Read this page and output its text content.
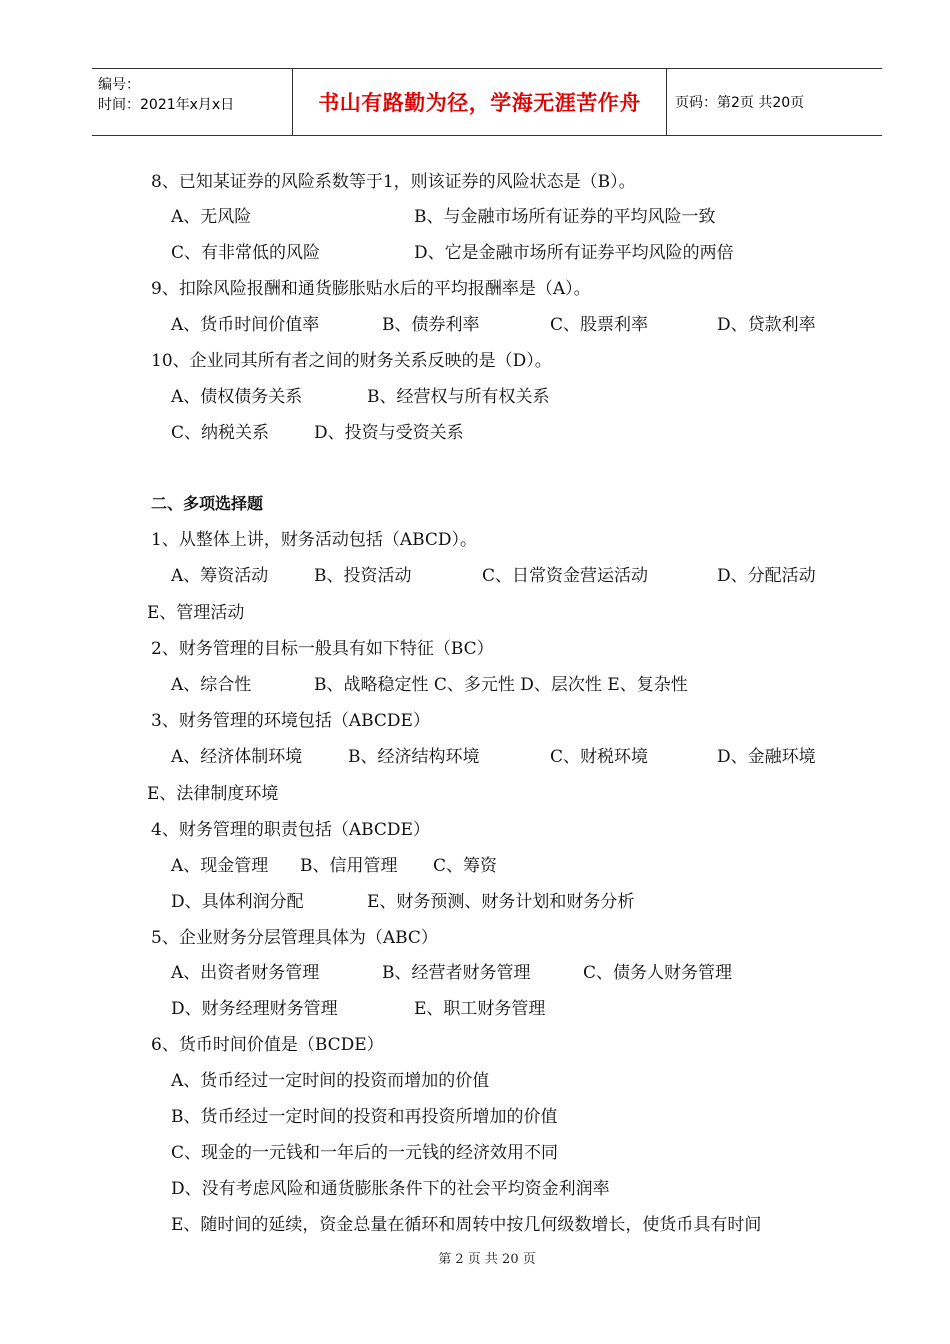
编号：
时间：2021年x月x日	书山有路勤为径，学海无涯苦作舟	页码：第2页 共20页
8、已知某证券的风险系数等于1，则该证券的风险状态是（B）。
A、无风险	B、与金融市场所有证券的平均风险一致
C、有非常低的风险	D、它是金融市场所有证券平均风险的两倍
9、扣除风险报酬和通货膨胀贴水后的平均报酬率是（A）。
A、货币时间价值率	B、债券利率	C、股票利率	D、贷款利率
10、企业同其所有者之间的财务关系反映的是（D）。
A、债权债务关系	B、经营权与所有权关系
C、纳税关系	D、投资与受资关系
二、多项选择题
1、从整体上讲，财务活动包括（ABCD）。
A、筹资活动	B、投资活动	C、日常资金营运活动	D、分配活动
E、管理活动
2、财务管理的目标一般具有如下特征（BC）
A、综合性	B、战略稳定性 C、多元性 D、层次性 E、复杂性
3、财务管理的环境包括（ABCDE）
A、经济体制环境	B、经济结构环境	C、财税环境	D、金融环境
E、法律制度环境
4、财务管理的职责包括（ABCDE）
A、现金管理 B、信用管理 C、筹资
D、具体利润分配	E、财务预测、财务计划和财务分析
5、企业财务分层管理具体为（ABC）
A、出资者财务管理	B、经营者财务管理	C、债务人财务管理
D、财务经理财务管理	E、职工财务管理
6、货币时间价值是（BCDE）
A、货币经过一定时间的投资而增加的价值
B、货币经过一定时间的投资和再投资所增加的价值
C、现金的一元钱和一年后的一元钱的经济效用不同
D、没有考虑风险和通货膨胀条件下的社会平均资金利润率
E、随时间的延续，资金总量在循环和周转中按几何级数增长，使货币具有时间
第 2 页 共 20 页
